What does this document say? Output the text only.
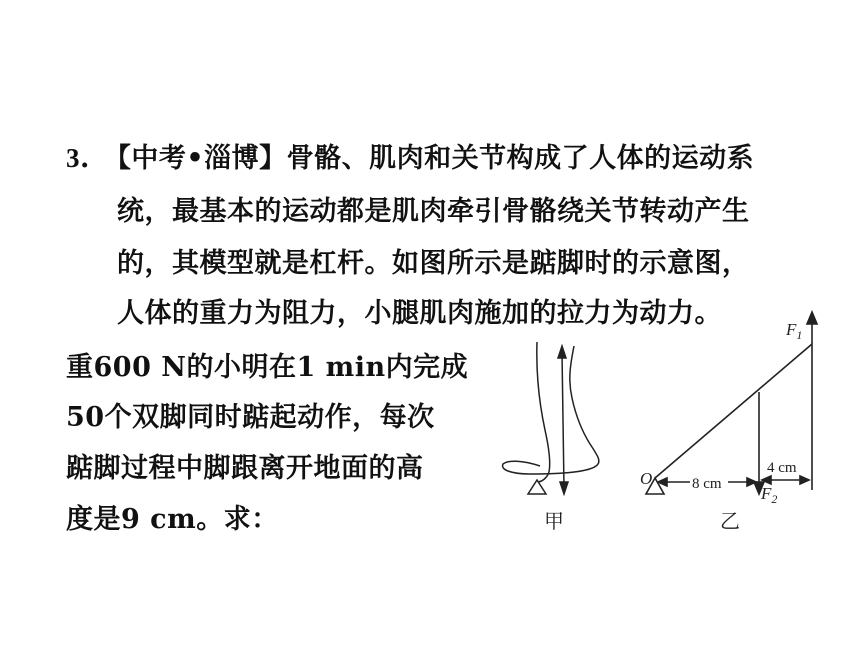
3. 【中考•淄博】骨骼、肌肉和关节构成了人体的运动系
统，最基本的运动都是肌肉牵引骨骼绕关节转动产生
的，其模型就是杠杆。如图所示是踮脚时的示意图，
人体的重力为阻力，小腿肌肉施加的拉力为动力。
重600 N的小明在1 min内完成
50个双脚同时踮起动作，每次
踮脚过程中脚跟离开地面的高
度是9 cm。求：	甲
O
$F_1$
$F_2$
8 cm
4 cm
乙
